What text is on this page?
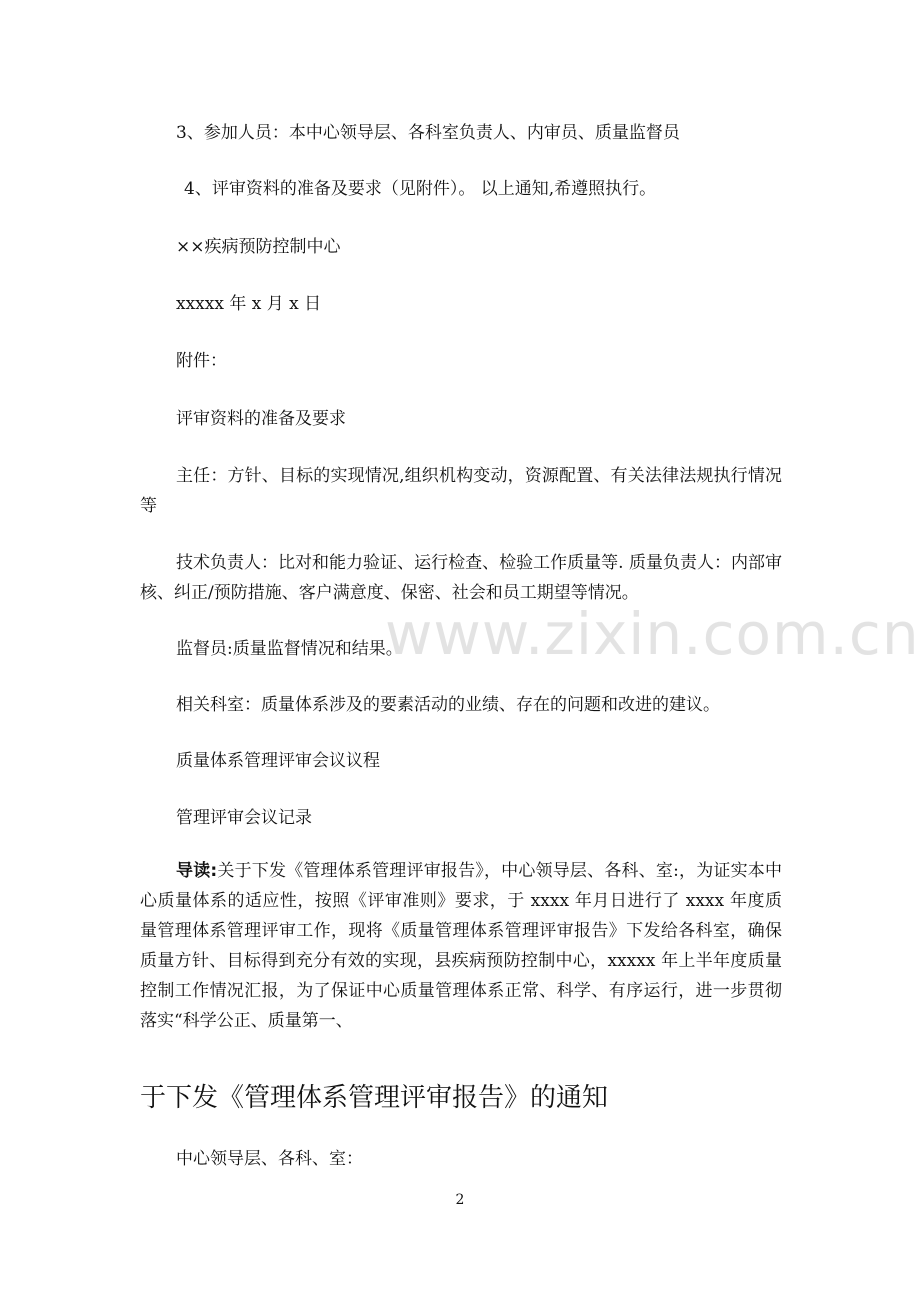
www.zixin.com.cn

3、参加人员：本中心领导层、各科室负责人、内审员、质量监督员

4、评审资料的准备及要求（见附件）。 以上通知,希遵照执行。

××疾病预防控制中心

xxxxx 年 x 月 x 日

附件：

评审资料的准备及要求

主任：方针、目标的实现情况,组织机构变动，资源配置、有关法律法规执行情况等

技术负责人：比对和能力验证、运行检查、检验工作质量等. 质量负责人：内部审核、纠正/预防措施、客户满意度、保密、社会和员工期望等情况。

监督员:质量监督情况和结果。

相关科室：质量体系涉及的要素活动的业绩、存在的问题和改进的建议。

质量体系管理评审会议议程

管理评审会议记录

导读:关于下发《管理体系管理评审报告》，中心领导层、各科、室:，为证实本中心质量体系的适应性，按照《评审准则》要求，于 xxxx 年月日进行了 xxxx 年度质量管理体系管理评审工作，现将《质量管理体系管理评审报告》下发给各科室，确保质量方针、目标得到充分有效的实现，县疾病预防控制中心，xxxxx 年上半年度质量控制工作情况汇报，为了保证中心质量管理体系正常、科学、有序运行，进一步贯彻落实“科学公正、质量第一、

于下发《管理体系管理评审报告》的通知

中心领导层、各科、室：

2
